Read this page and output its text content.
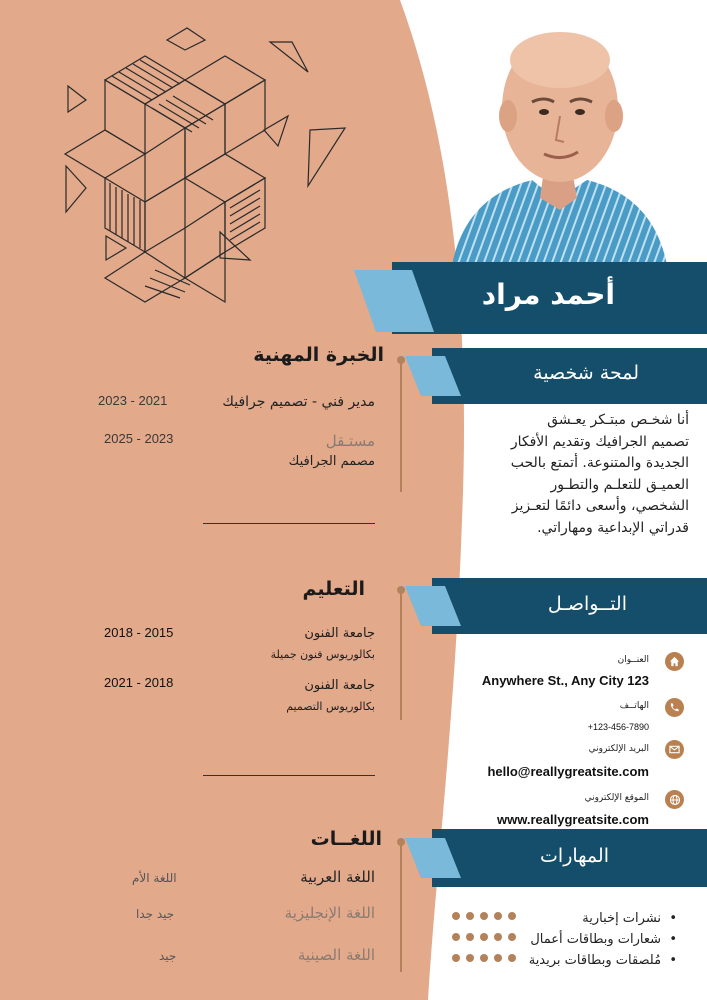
أحمد مراد
لمحة شخصية
أنا شخـص مبتـكر يعـشق
تصميم الجرافيك وتقديم الأفكار
الجديدة والمتنوعة. أتمتع بالحب
العميـق للتعلـم والتطـور
الشخصي، وأسعى دائمًا لتعـزيز
قدراتي الإبداعية ومهاراتي.
الخبرة المهنية
مدير فني - تصميم جرافيك
2023 - 2021
مستـقل
مصمم الجرافيك
2025 - 2023
التــواصـل
العنــوان
Anywhere St., Any City 123
الهاتــف
+123-456-7890
البريد الإلكتروني
hello@reallygreatsite.com
الموقع الإلكتروني
www.reallygreatsite.com
التعليم
جامعة الفنون
بكالوريوس فنون جميلة
2018 - 2015
جامعة الفنون
بكالوريوس التصميم
2021 - 2018
اللغــات
اللغة العربية
اللغة الأم
اللغة الإنجليزية
جيد جدا
اللغة الصينية
جيد
المهارات
•  نشرات إخبارية
•  شعارات وبطاقات أعمال
•  مُلصقات وبطاقات بريدية
